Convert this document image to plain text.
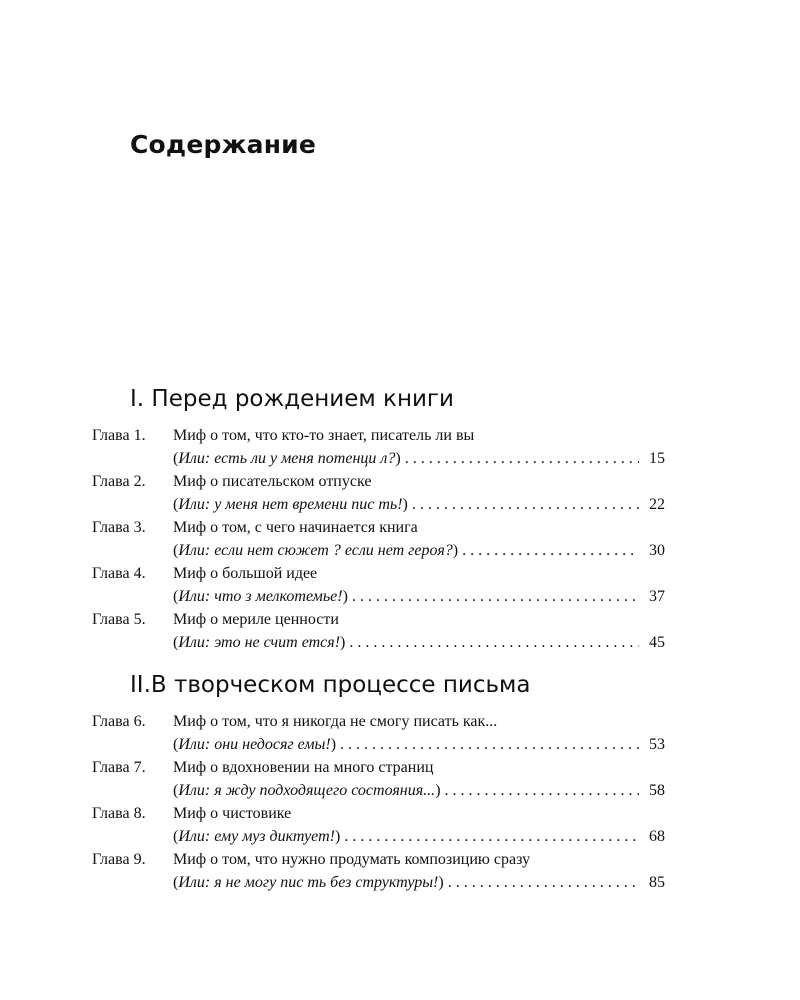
Содержание
I. Перед рождением книги
Глава 1.	Миф о том, что кто-то знает, писатель ли вы
( Или: есть ли у меня потенци л? ) . . .	15
Глава 2.	Миф о писательском отпуске
( Или: у меня нет времени пис ть! ) . . .	22
Глава 3.	Миф о том, с чего начинается книга
( Или: если нет сюжет ? если нет героя? ) . . .	30
Глава 4.	Миф о большой идее
( Или: что з мелкотемье! ) . . .	37
Глава 5.	Миф о мериле ценности
( Или: это не счит ется! ) . . .	45
II.В творческом процессе письма
Глава 6.	Миф о том, что я никогда не смогу писать как...
( Или: они недосяг емы! ) . . .	53
Глава 7.	Миф о вдохновении на много страниц
( Или: я жду подходящего состояния... ) . . .	58
Глава 8.	Миф о чистовике
( Или: ему муз диктует! ) . . .	68
Глава 9.	Миф о том, что нужно продумать композицию сразу
( Или: я не могу пис ть без структуры! ) . . .	85
